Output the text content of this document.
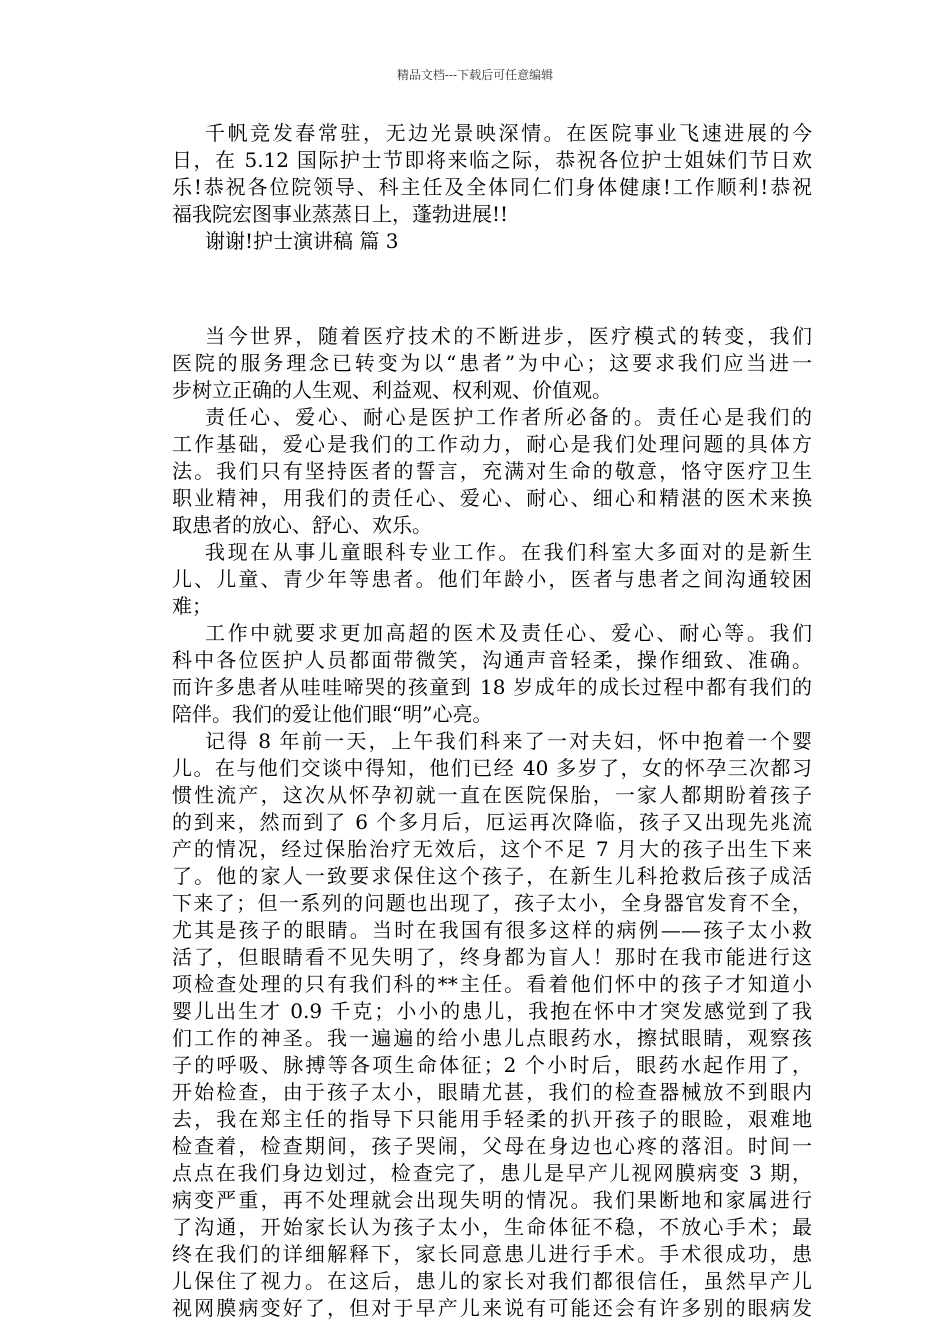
精品文档---下载后可任意编辑
千帆竞发春常驻，无边光景映深情。在医院事业飞速进展的今
日，在 5.12 国际护士节即将来临之际，恭祝各位护士姐妹们节日欢
乐!恭祝各位院领导、科主任及全体同仁们身体健康!工作顺利!恭祝
福我院宏图事业蒸蒸日上，蓬勃进展!!
谢谢!护士演讲稿 篇 3
当今世界，随着医疗技术的不断进步，医疗模式的转变，我们
医院的服务理念已转变为以“患者”为中心；这要求我们应当进一
步树立正确的人生观、利益观、权利观、价值观。
责任心、爱心、耐心是医护工作者所必备的。责任心是我们的
工作基础，爱心是我们的工作动力，耐心是我们处理问题的具体方
法。我们只有坚持医者的誓言，充满对生命的敬意，恪守医疗卫生
职业精神，用我们的责任心、爱心、耐心、细心和精湛的医术来换
取患者的放心、舒心、欢乐。
我现在从事儿童眼科专业工作。在我们科室大多面对的是新生
儿、儿童、青少年等患者。他们年龄小，医者与患者之间沟通较困
难；
工作中就要求更加高超的医术及责任心、爱心、耐心等。我们
科中各位医护人员都面带微笑，沟通声音轻柔，操作细致、准确。
而许多患者从哇哇啼哭的孩童到 18 岁成年的成长过程中都有我们的
陪伴。我们的爱让他们眼“明”心亮。
记得 8 年前一天，上午我们科来了一对夫妇，怀中抱着一个婴
儿。在与他们交谈中得知，他们已经 40 多岁了，女的怀孕三次都习
惯性流产，这次从怀孕初就一直在医院保胎，一家人都期盼着孩子
的到来，然而到了 6 个多月后，厄运再次降临，孩子又出现先兆流
产的情况，经过保胎治疗无效后，这个不足 7 月大的孩子出生下来
了。他的家人一致要求保住这个孩子，在新生儿科抢救后孩子成活
下来了；但一系列的问题也出现了，孩子太小，全身器官发育不全，
尤其是孩子的眼睛。当时在我国有很多这样的病例——孩子太小救
活了，但眼睛看不见失明了，终身都为盲人！那时在我市能进行这
项检查处理的只有我们科的**主任。看着他们怀中的孩子才知道小
婴儿出生才 0.9 千克；小小的患儿，我抱在怀中才突发感觉到了我
们工作的神圣。我一遍遍的给小患儿点眼药水，擦拭眼睛，观察孩
子的呼吸、脉搏等各项生命体征；2 个小时后，眼药水起作用了，
开始检查，由于孩子太小，眼睛尤甚，我们的检查器械放不到眼内
去，我在郑主任的指导下只能用手轻柔的扒开孩子的眼睑，艰难地
检查着，检查期间，孩子哭闹，父母在身边也心疼的落泪。时间一
点点在我们身边划过，检查完了，患儿是早产儿视网膜病变 3 期，
病变严重，再不处理就会出现失明的情况。我们果断地和家属进行
了沟通，开始家长认为孩子太小，生命体征不稳，不放心手术；最
终在我们的详细解释下，家长同意患儿进行手术。手术很成功，患
儿保住了视力。在这后，患儿的家长对我们都很信任，虽然早产儿
视网膜病变好了，但对于早产儿来说有可能还会有许多别的眼病发
